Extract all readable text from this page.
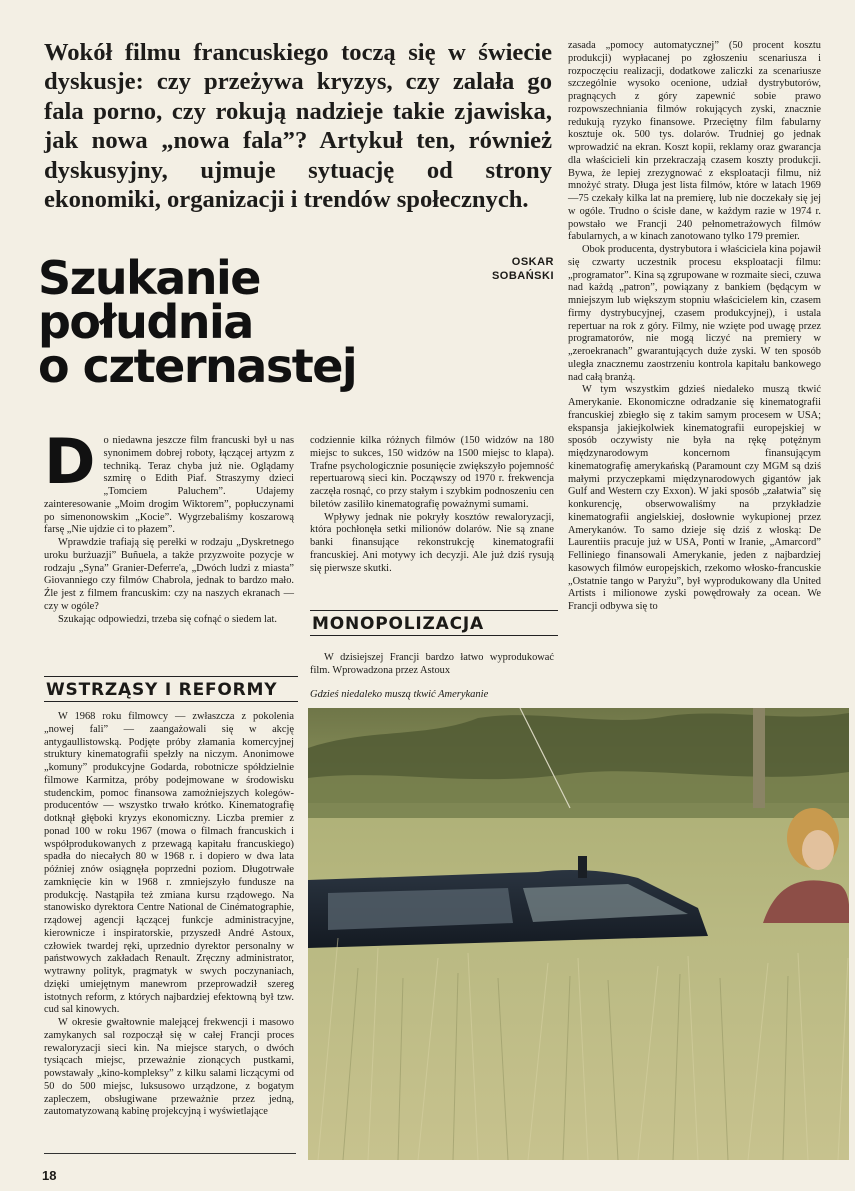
Wokół filmu francuskiego toczą się w świecie dyskusje: czy przeżywa kryzys, czy zalała go fala porno, czy rokują nadzieje takie zjawiska, jak nowa „nowa fala”? Artykuł ten, również dyskusyjny, ujmuje sytuację od strony ekonomiki, organizacji i trendów społecznych.

OSKAR
SOBAŃSKI
Szukanie
południa
o czternastej
D o niedawna jeszcze film francuski był u nas synonimem dobrej roboty, łączącej artyzm z techniką. Teraz chyba już nie. Oglądamy szmirę o Edith Piaf. Straszymy dzieci „Tomciem Paluchem”. Udajemy zainteresowanie „Moim drogim Wiktorem”, popłuczynami po simenonowskim „Kocie”. Wygrzebaliśmy koszarową farsę „Nie ujdzie ci to płazem”.

Wprawdzie trafiają się perełki w rodzaju „Dyskretnego uroku burżuazji” Buñuela, a także przyzwoite pozycje w rodzaju „Syna” Granier-Deferre'a, „Dwóch ludzi z miasta” Giovanniego czy filmów Chabrola, jednak to bardzo mało. Źle jest z filmem francuskim: czy na naszych ekranach — czy w ogóle?

Szukając odpowiedzi, trzeba się cofnąć o siedem lat.

WSTRZĄSY I REFORMY

W 1968 roku filmowcy — zwłaszcza z pokolenia „nowej fali” — zaangażowali się w akcję antygaullistowską. Podjęte próby złamania komercyjnej struktury kinematografii spełzły na niczym. Anonimowe „komuny” produkcyjne Godarda, robotnicze spółdzielnie filmowe Karmitza, próby podejmowane w środowisku studenckim, pomoc finansowa zamożniejszych kolegów-producentów — wszystko trwało krótko. Kinematografię dotknął głęboki kryzys ekonomiczny. Liczba premier z ponad 100 w roku 1967 (mowa o filmach francuskich i współprodukowanych z przewagą kapitału francuskiego) spadła do niecałych 80 w 1968 r. i dopiero w dwa lata później znów osiągnęła poprzedni poziom. Długotrwałe zamknięcie kin w 1968 r. zmniejszyło fundusze na produkcję. Nastąpiła też zmiana kursu rządowego. Na stanowisko dyrektora Centre National de Cinématographie, rządowej agencji łączącej funkcje administracyjne, kierownicze i inspiratorskie, przyszedł André Astoux, człowiek twardej ręki, uprzednio dyrektor personalny w państwowych zakładach Renault. Zręczny administrator, wytrawny polityk, pragmatyk w swych poczynaniach, dzięki umiejętnym manewrom przeprowadził szereg istotnych reform, z których najbardziej efektowną był tzw. cud sal kinowych.

W okresie gwałtownie malejącej frekwencji i masowo zamykanych sal rozpoczął się w całej Francji proces rewaloryzacji sieci kin. Na miejsce starych, o dwóch tysiącach miejsc, przeważnie zionących pustkami, powstawały „kino-kompleksy” z kilku salami liczącymi od 50 do 500 miejsc, luksusowo urządzone, z bogatym zapleczem, obsługiwane przeważnie przez jedną, zautomatyzowaną kabinę projekcyjną i wyświetlające

codziennie kilka różnych filmów (150 widzów na 180 miejsc to sukces, 150 widzów na 1500 miejsc to klapa). Trafne psychologicznie posunięcie zwiększyło pojemność repertuarową sieci kin. Począwszy od 1970 r. frekwencja zaczęła rosnąć, co przy stałym i szybkim podnoszeniu cen biletów zasiliło kinematografię poważnymi sumami.

Wpływy jednak nie pokryły kosztów rewaloryzacji, która pochłonęła setki milionów dolarów. Nie są znane banki finansujące rekonstrukcję kinematografii francuskiej. Ani motywy ich decyzji. Ale już dziś rysują się pierwsze skutki.

MONOPOLIZACJA

W dzisiejszej Francji bardzo łatwo wyprodukować film. Wprowadzona przez Astoux

zasada „pomocy automatycznej” (50 procent kosztu produkcji) wypłacanej po zgłoszeniu scenariusza i rozpoczęciu realizacji, dodatkowe zaliczki za scenariusze szczególnie wysoko ocenione, udział dystrybutorów, pragnących z góry zapewnić sobie prawo rozpowszechniania filmów rokujących zyski, znacznie redukują ryzyko finansowe. Przeciętny film fabularny kosztuje ok. 500 tys. dolarów. Trudniej go jednak wprowadzić na ekran. Koszt kopii, reklamy oraz gwarancja dla właścicieli kin przekraczają czasem koszty produkcji. Bywa, że lepiej zrezygnować z eksploatacji filmu, niż mnożyć straty. Długa jest lista filmów, które w latach 1969—75 czekały kilka lat na premierę, lub nie doczekały się jej w ogóle. Trudno o ścisłe dane, w każdym razie w 1974 r. powstało we Francji 240 pełnometrażowych filmów fabularnych, a w kinach zanotowano tylko 179 premier.

Obok producenta, dystrybutora i właściciela kina pojawił się czwarty uczestnik procesu eksploatacji filmu: „programator”. Kina są zgrupowane w rozmaite sieci, czuwa nad każdą „patron”, powiązany z bankiem (będącym w mniejszym lub większym stopniu właścicielem kin, czasem firmy dystrybucyjnej, czasem produkcyjnej), i ustala repertuar na rok z góry. Filmy, nie wzięte pod uwagę przez programatorów, nie mogą liczyć na premiery w „zeroekranach” gwarantujących duże zyski. W ten sposób uległa znacznemu zaostrzeniu kontrola kapitału bankowego nad całą branżą.

W tym wszystkim gdzieś niedaleko muszą tkwić Amerykanie. Ekonomiczne odradzanie się kinematografii francuskiej zbiegło się z takim samym procesem w USA; ekspansja jakiejkolwiek kinematografii europejskiej w sposób oczywisty nie była na rękę potężnym międzynarodowym koncernom finansującym kinematografię amerykańską (Paramount czy MGM są dziś małymi przyczepkami międzynarodowych gigantów jak Gulf and Western czy Exxon). W jaki sposób „załatwia” się konkurencję, obserwowaliśmy na przykładzie kinematografii angielskiej, dosłownie wykupionej przez Amerykanów. To samo dzieje się dziś z włoską: De Laurentiis pracuje już w USA, Ponti w Iranie, „Amarcord” Felliniego finansowali Amerykanie, jeden z najbardziej kasowych filmów europejskich, rzekomo włosko-francuskie „Ostatnie tango w Paryżu”, był wyprodukowany dla United Artists i milionowe zyski powędrowały za ocean. We Francji odbywa się to

Gdzieś niedaleko muszą tkwić Amerykanie
18
